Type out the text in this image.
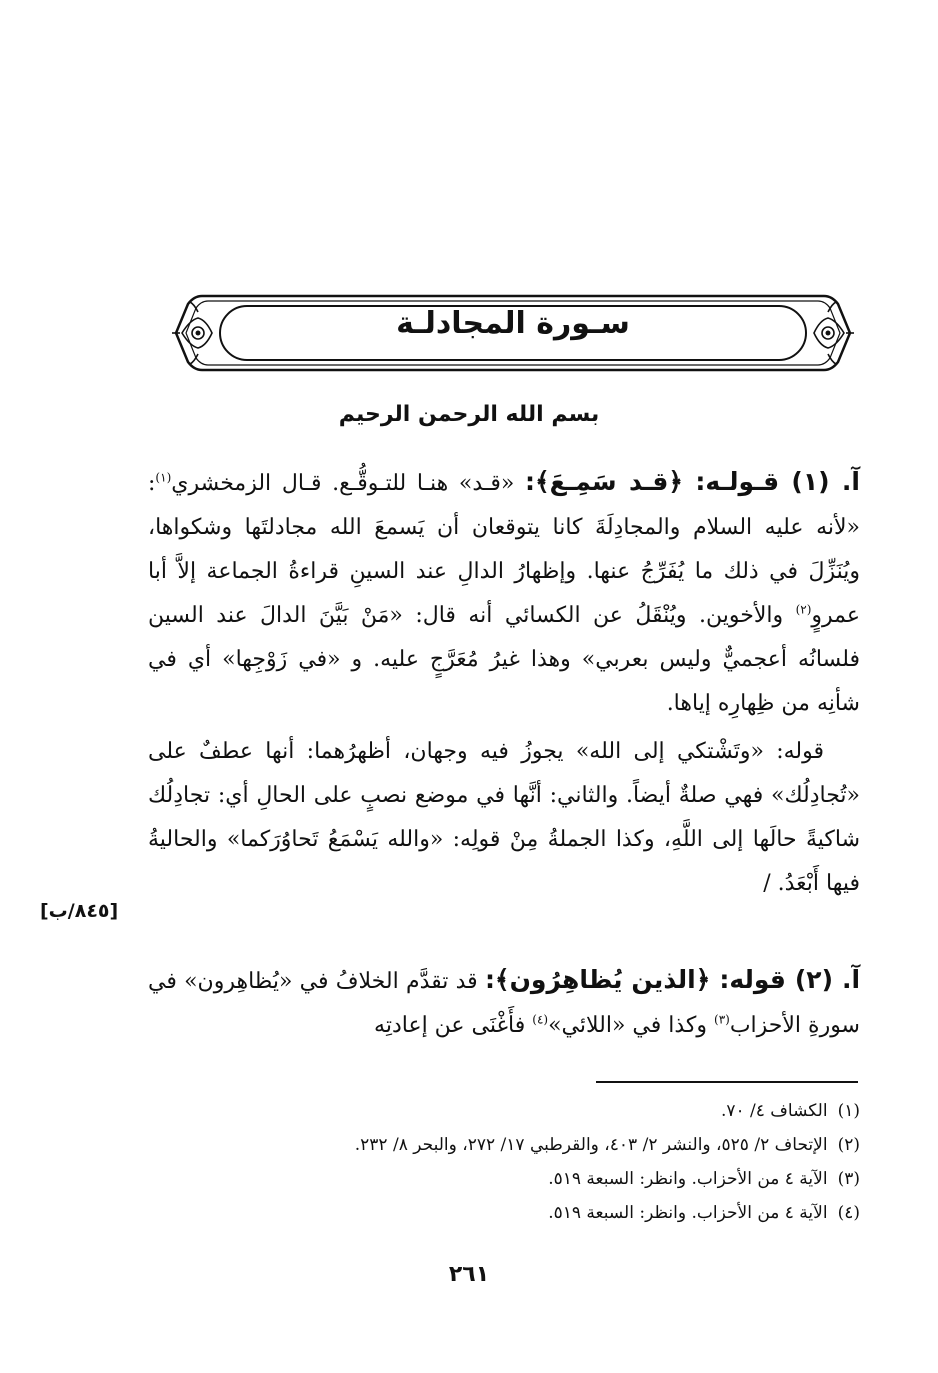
سـورة المجادلـة
بسم الله الرحمن الرحيم
آ. (١) قـولـه: ﴿قـد سَمِـعَ﴾: «قـد» هنـا للتـوقُّـع. قـال الزمخشري$^{(١)}$: «لأنه عليه السلام والمجادِلَةَ كانا يتوقعان أن يَسمعَ الله مجادلتَها وشكواها، ويُنَزِّلَ في ذلك ما يُفَرِّجُ عنها. وإظهارُ الدالِ عند السينِ قراءةُ الجماعة إلاَّ أبا عمروٍ$^{(٢)}$ والأخوين. ويُنْقَلُ عن الكسائي أنه قال: «مَنْ بَيَّنَ الدالَ عند السين فلسانُه أعجميٌّ وليس بعربي» وهذا غيرُ مُعَرَّجٍ عليه. و «في زَوْجِها» أي في شأنِه من ظِهارِه إياها.
قوله: «وتَشْتكي إلى الله» يجوزُ فيه وجهان، أظهرُهما: أنها عطفٌ على «تُجادِلُك» فهي صلةٌ أيضاً. والثاني: أنَّها في موضع نصبٍ على الحالِ أي: تجادِلُك شاكيةً حالَها إلى اللَّهِ، وكذا الجملةُ مِنْ قولِه: «والله يَسْمَعُ تَحاوُرَكما» والحاليةُ فيها أَبْعَدُ. /
[٨٤٥/ب]
آ. (٢) قوله: ﴿الذين يُظاهِرُون﴾: قد تقدَّم الخلافُ في «يُظاهِرون» في سورةِ الأحزاب$^{(٣)}$ وكذا في «اللائي»$^{(٤)}$ فأَغْنَى عن إعادتِه
(١)الكشاف ٤/ ٧٠.
(٢)الإتحاف ٢/ ٥٢٥، والنشر ٢/ ٤٠٣، والقرطبي ١٧/ ٢٧٢، والبحر ٨/ ٢٣٢.
(٣)الآية ٤ من الأحزاب. وانظر: السبعة ٥١٩.
(٤)الآية ٤ من الأحزاب. وانظر: السبعة ٥١٩.
٢٦١
